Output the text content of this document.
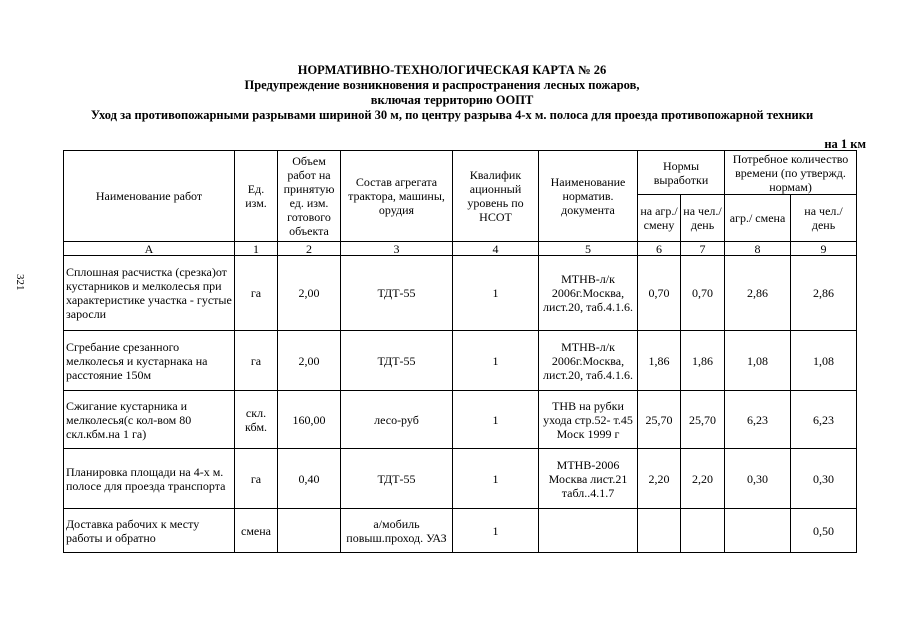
НОРМАТИВНО-ТЕХНОЛОГИЧЕСКАЯ КАРТА № 26
Предупреждение возникновения и распространения лесных пожаров,
включая территорию ООПТ
Уход за противопожарными разрывами шириной 30 м, по центру разрыва 4-х м. полоса для проезда противопожарной техники
на 1 км
321
Наименование работ	Ед. изм.	Объем работ на принятую ед. изм. готового объекта	Состав агрегата трактора, машины, орудия	Квалифик ационный уровень по НСОТ	Наименование норматив. документа	Нормы выработки		Потребное количество времени (по утвержд. нормам)	
						на агр./ смену	на чел./ день	агр./ смена	на чел./ день
А	1	2	3	4	5	6	7	8	9
Сплошная расчистка (срезка)от кустарников и мелколесья при характеристике участка - густые заросли	га	2,00	ТДТ-55	1	МТНВ-л/к 2006г.Москва, лист.20, таб.4.1.6.	0,70	0,70	2,86	2,86
Сгребание срезанного мелколесья и кустарнака на расстояние 150м	га	2,00	ТДТ-55	1	МТНВ-л/к 2006г.Москва, лист.20, таб.4.1.6.	1,86	1,86	1,08	1,08
Сжигание кустарника и мелколесья(с кол-вом 80 скл.кбм.на 1 га)	скл. кбм.	160,00	лесо-руб	1	ТНВ на рубки ухода стр.52- т.45 Моск 1999 г	25,70	25,70	6,23	6,23
Планировка площади на 4-х м. полосе для проезда транспорта	га	0,40	ТДТ-55	1	МТНВ-2006 Москва лист.21 табл..4.1.7	2,20	2,20	0,30	0,30
Доставка рабочих к месту работы и обратно	смена		а/мобиль повыш.проход. УАЗ	1					0,50
